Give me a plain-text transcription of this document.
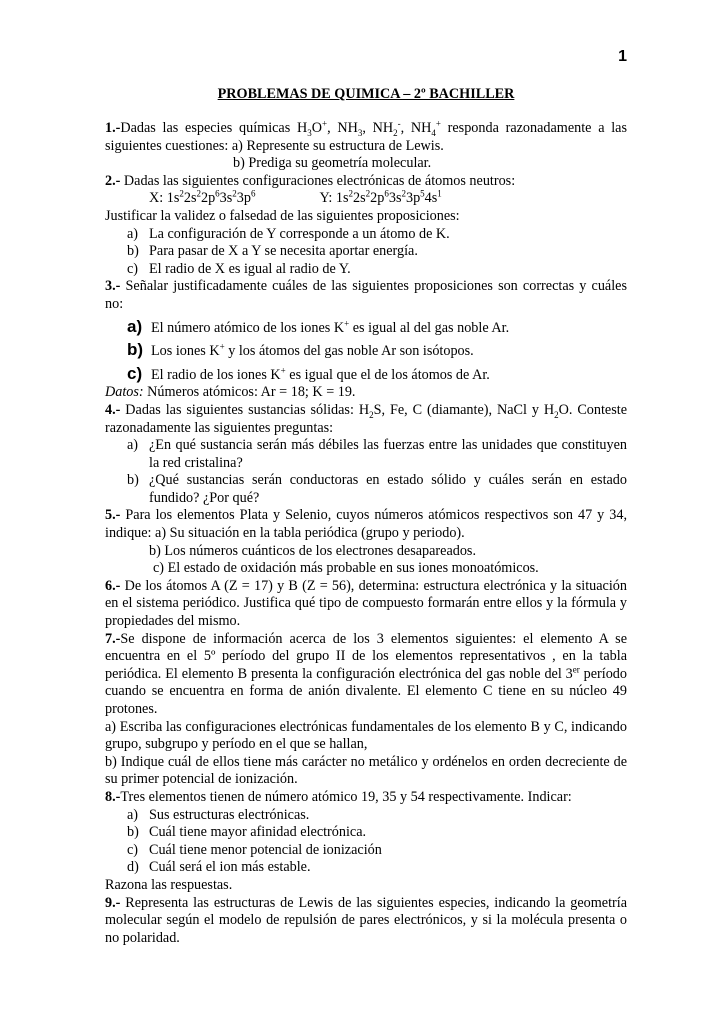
1
PROBLEMAS DE QUIMICA – 2º BACHILLER

1.-Dadas las especies químicas $H_3O^+$, $NH_3$, $NH_2^-$, $NH_4^+$ responda razonadamente a las siguientes cuestiones: a) Represente su estructura de Lewis.

b) Prediga su geometría molecular.

2.- Dadas las siguientes configuraciones electrónicas de átomos neutros:

X: $1s^22s^22p^63s^23p^6$	Y: $1s^22s^22p^63s^23p^54s^1$

Justificar la validez o falsedad de las siguientes proposiciones:

a) La configuración de Y corresponde a un átomo de K.
b) Para pasar de X a Y se necesita aportar energía.
c) El radio de X es igual al radio de Y.

3.- Señalar justificadamente cuáles de las siguientes proposiciones son correctas y cuáles no:

a) El número atómico de los iones K+ es igual al del gas noble Ar.
b) Los iones K+ y los átomos del gas noble Ar son isótopos.
c) El radio de los iones K+ es igual que el de los átomos de Ar.

Datos: Números atómicos: Ar = 18; K = 19.

4.- Dadas las siguientes sustancias sólidas: $H_2S$, Fe, C (diamante), NaCl y $H_2O$. Conteste razonadamente las siguientes preguntas:

a) ¿En qué sustancia serán más débiles las fuerzas entre las unidades que constituyen la red cristalina?
b) ¿Qué sustancias serán conductoras en estado sólido y cuáles serán en estado fundido? ¿Por qué?

5.- Para los elementos Plata y Selenio, cuyos números atómicos respectivos son 47 y 34, indique: a) Su situación en la tabla periódica (grupo y periodo).

b) Los números cuánticos de los electrones desapareados.

c) El estado de oxidación más probable en sus iones monoatómicos.

6.- De los átomos A (Z = 17) y B (Z = 56), determina: estructura electrónica y la situación en el sistema periódico. Justifica qué tipo de compuesto formarán entre ellos y la fórmula y propiedades del mismo.

7.-Se dispone de información acerca de los 3 elementos siguientes: el elemento A se encuentra en el 5º período del grupo II de los elementos representativos , en la tabla periódica. El elemento B presenta la configuración electrónica del gas noble del 3er período cuando se encuentra en forma de anión divalente. El elemento C tiene en su núcleo 49 protones.

a) Escriba las configuraciones electrónicas fundamentales de los elemento B y C, indicando grupo, subgrupo y período en el que se hallan,

b) Indique cuál de ellos tiene más carácter no metálico y ordénelos en orden decreciente de su primer potencial de ionización.

8.-Tres elementos tienen de número atómico 19, 35 y 54 respectivamente. Indicar:

a) Sus estructuras electrónicas.
b) Cuál tiene mayor afinidad electrónica.
c) Cuál tiene menor potencial de ionización
d) Cuál será el ion más estable.

Razona las respuestas.

9.- Representa las estructuras de Lewis de las siguientes especies, indicando la geometría molecular según el modelo de repulsión de pares electrónicos, y si la molécula presenta o no polaridad.
